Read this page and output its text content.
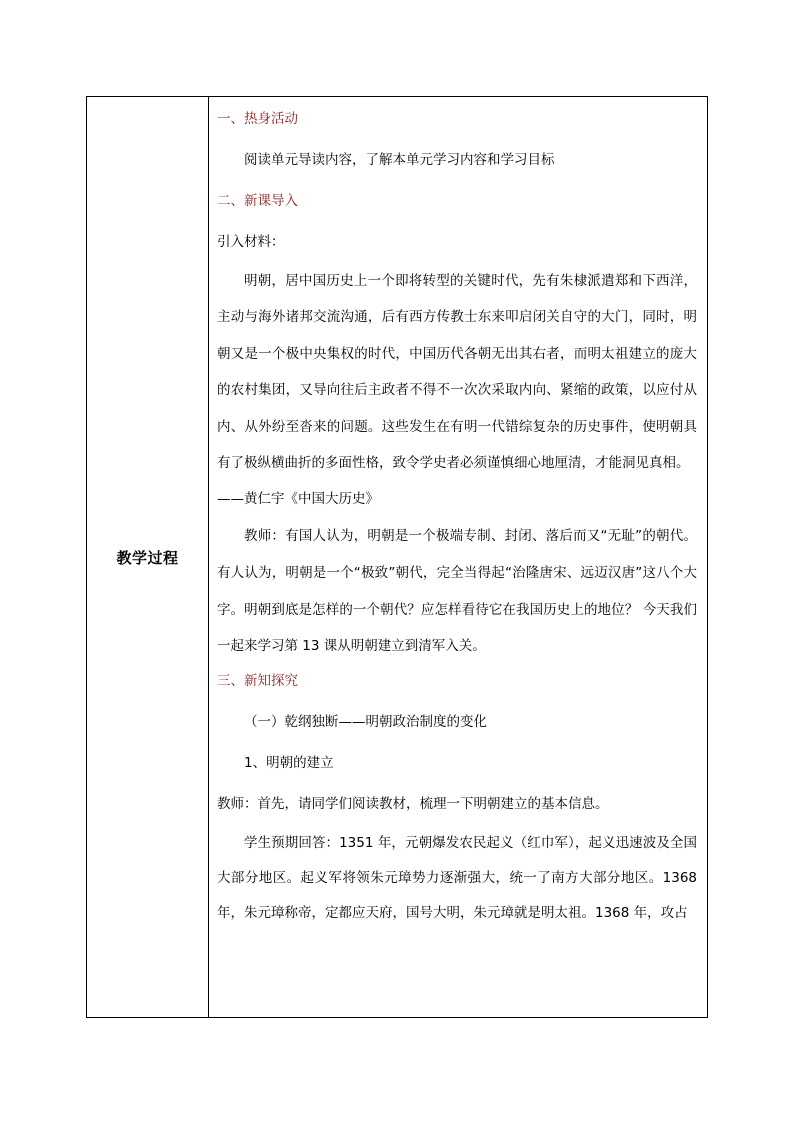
教学过程

一、热身活动

阅读单元导读内容，了解本单元学习内容和学习目标

二、新课导入

引入材料：

明朝，居中国历史上一个即将转型的关键时代，先有朱棣派遣郑和下西洋，主动与海外诸邦交流沟通，后有西方传教士东来叩启闭关自守的大门，同时，明朝又是一个极中央集权的时代，中国历代各朝无出其右者，而明太祖建立的庞大的农村集团，又导向往后主政者不得不一次次采取内向、紧缩的政策，以应付从内、从外纷至沓来的问题。这些发生在有明一代错综复杂的历史事件，使明朝具有了极纵横曲折的多面性格，致令学史者必须谨慎细心地厘清，才能洞见真相。

——黄仁宇《中国大历史》

教师：有国人认为，明朝是一个极端专制、封闭、落后而又“无耻”的朝代。有人认为，明朝是一个“极致”朝代，完全当得起“治隆唐宋、远迈汉唐”这八个大字。明朝到底是怎样的一个朝代？应怎样看待它在我国历史上的地位？ 今天我们一起来学习第 13 课从明朝建立到清军入关。

三、新知探究

（一）乾纲独断——明朝政治制度的变化

1、明朝的建立

教师：首先，请同学们阅读教材，梳理一下明朝建立的基本信息。

学生预期回答：1351 年，元朝爆发农民起义（红巾军），起义迅速波及全国大部分地区。起义军将领朱元璋势力逐渐强大，统一了南方大部分地区。1368 年，朱元璋称帝，定都应天府，国号大明，朱元璋就是明太祖。1368 年，攻占
